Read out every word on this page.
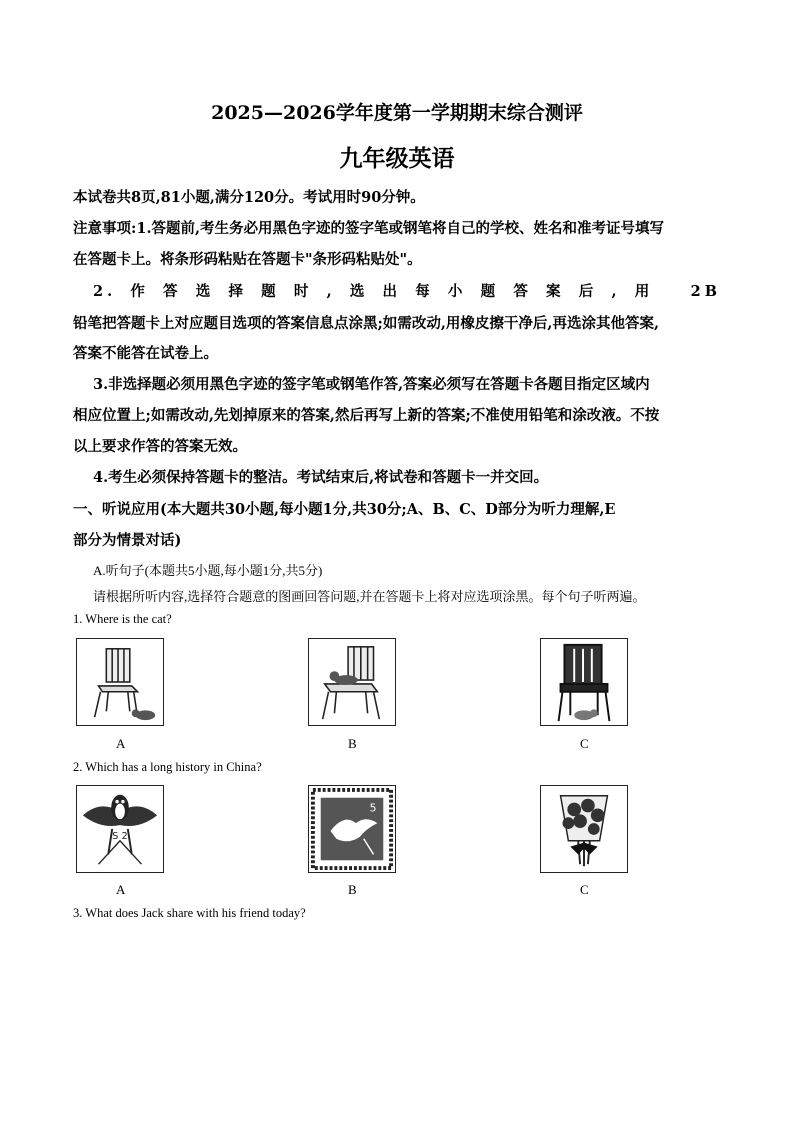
2025—2026学年度第一学期期末综合测评
九年级英语
本试卷共8页,81小题,满分120分。考试用时90分钟。
注意事项:1.答题前,考生务必用黑色字迹的签字笔或钢笔将自己的学校、姓名和准考证号填写
在答题卡上。将条形码粘贴在答题卡"条形码粘贴处"。
2.作答选择题时,选出每小题答案后,用 2B
铅笔把答题卡上对应题目选项的答案信息点涂黑;如需改动,用橡皮擦干净后,再选涂其他答案,
答案不能答在试卷上。
3.非选择题必须用黑色字迹的签字笔或钢笔作答,答案必须写在答题卡各题目指定区域内
相应位置上;如需改动,先划掉原来的答案,然后再写上新的答案;不准使用铅笔和涂改液。不按
以上要求作答的答案无效。
4.考生必须保持答题卡的整洁。考试结束后,将试卷和答题卡一并交回。
一、听说应用(本大题共30小题,每小题1分,共30分;A、B、C、D部分为听力理解,E
部分为情景对话)
A.听句子(本题共5小题,每小题1分,共5分)
请根据所听内容,选择符合题意的图画回答问题,并在答题卡上将对应选项涂黑。每个句子听两遍。
1. Where is the cat?
A	B	C
2. Which has a long history in China?
S 2
A
5
B	C
3. What does Jack share with his friend today?
